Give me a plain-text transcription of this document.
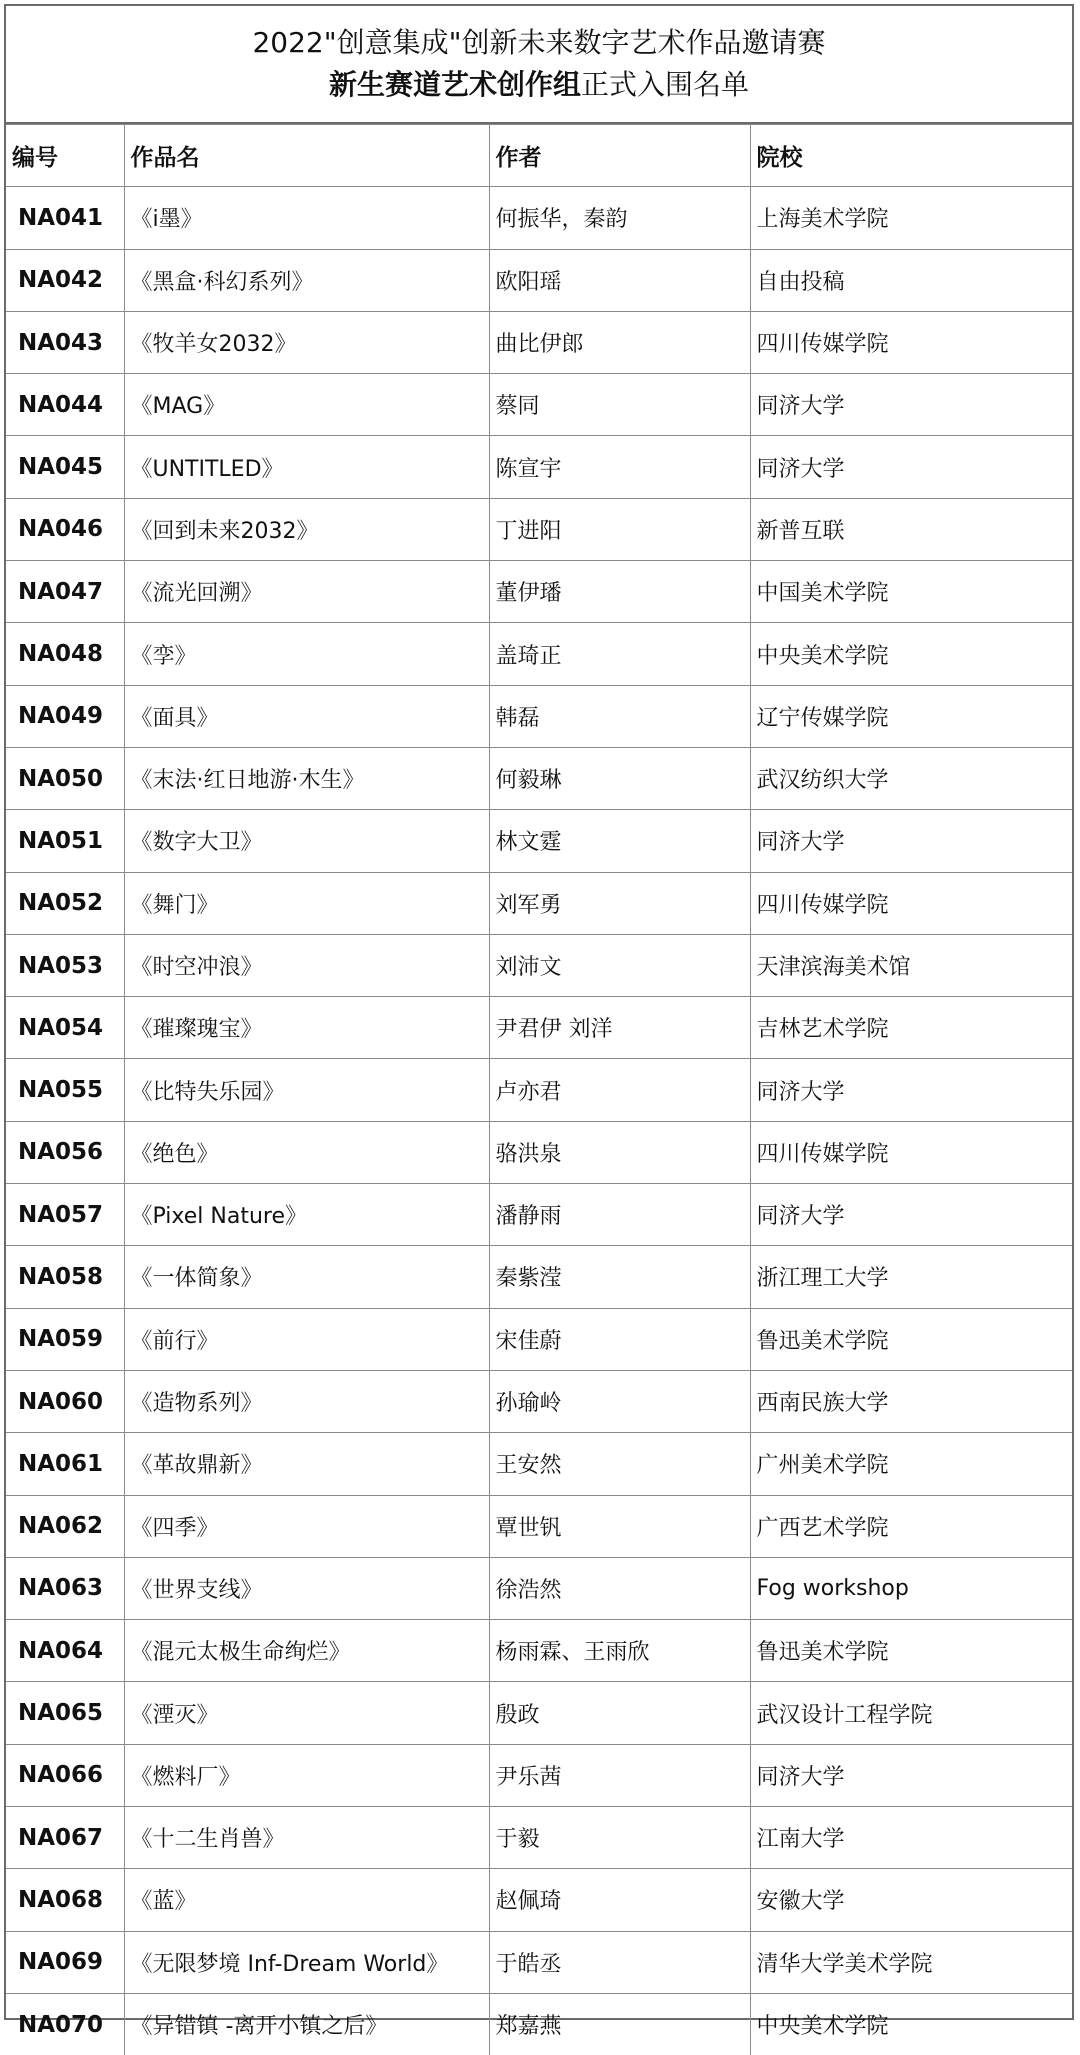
2022"创意集成"创新未来数字艺术作品邀请赛
新生赛道艺术创作组正式入围名单
编号	作品名	作者	院校
NA041	《i墨》	何振华，秦韵	上海美术学院
NA042	《黑盒·科幻系列》	欧阳瑶	自由投稿
NA043	《牧羊女2032》	曲比伊郎	四川传媒学院
NA044	《MAG》	蔡同	同济大学
NA045	《UNTITLED》	陈宣宇	同济大学
NA046	《回到未来2032》	丁进阳	新普互联
NA047	《流光回溯》	董伊璠	中国美术学院
NA048	《孪》	盖琦正	中央美术学院
NA049	《面具》	韩磊	辽宁传媒学院
NA050	《末法·红日地游·木生》	何毅琳	武汉纺织大学
NA051	《数字大卫》	林文霆	同济大学
NA052	《舞门》	刘军勇	四川传媒学院
NA053	《时空冲浪》	刘沛文	天津滨海美术馆
NA054	《璀璨瑰宝》	尹君伊 刘洋	吉林艺术学院
NA055	《比特失乐园》	卢亦君	同济大学
NA056	《绝色》	骆洪泉	四川传媒学院
NA057	《Pixel Nature》	潘静雨	同济大学
NA058	《一体简象》	秦紫滢	浙江理工大学
NA059	《前行》	宋佳蔚	鲁迅美术学院
NA060	《造物系列》	孙瑜岭	西南民族大学
NA061	《革故鼎新》	王安然	广州美术学院
NA062	《四季》	覃世钒	广西艺术学院
NA063	《世界支线》	徐浩然	Fog workshop
NA064	《混元太极生命绚烂》	杨雨霖、王雨欣	鲁迅美术学院
NA065	《湮灭》	殷政	武汉设计工程学院
NA066	《燃料厂》	尹乐茜	同济大学
NA067	《十二生肖兽》	于毅	江南大学
NA068	《蓝》	赵佩琦	安徽大学
NA069	《无限梦境 Inf-Dream World》	于皓丞	清华大学美术学院
NA070	《异错镇 -离开小镇之后》	郑嘉燕	中央美术学院
